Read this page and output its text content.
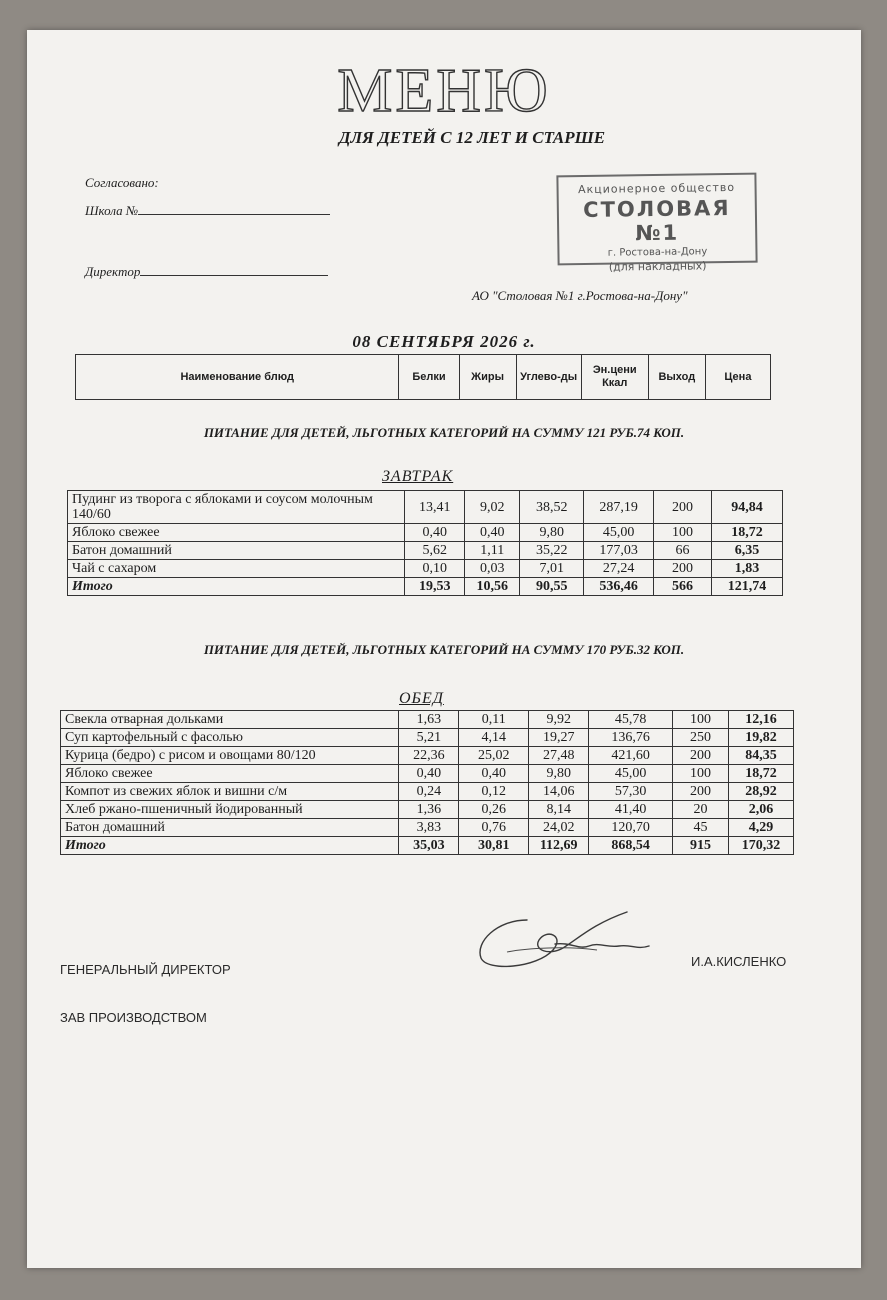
МЕНЮ
ДЛЯ ДЕТЕЙ С 12 ЛЕТ И СТАРШЕ
Согласовано:
Школа №
Директор
Акционерное общество
СТОЛОВАЯ №1
г. Ростова-на-Дону
(для накладных)
АО "Столовая №1 г.Ростова-на-Дону"
08 СЕНТЯБРЯ 2026 г.
Наименование блюд	Белки	Жиры	Углево-ды	Эн.цени Ккал	Выход	Цена
ПИТАНИЕ ДЛЯ ДЕТЕЙ, ЛЬГОТНЫХ КАТЕГОРИЙ НА СУММУ 121 РУБ.74 КОП.
ЗАВТРАК
Пудинг из творога с яблоками и соусом молочным 140/60	13,41	9,02	38,52	287,19	200	94,84
Яблоко свежее	0,40	0,40	9,80	45,00	100	18,72
Батон домашний	5,62	1,11	35,22	177,03	66	6,35
Чай с сахаром	0,10	0,03	7,01	27,24	200	1,83
Итого	19,53	10,56	90,55	536,46	566	121,74
ПИТАНИЕ ДЛЯ ДЕТЕЙ, ЛЬГОТНЫХ КАТЕГОРИЙ НА СУММУ 170 РУБ.32 КОП.
ОБЕД
Свекла отварная дольками	1,63	0,11	9,92	45,78	100	12,16
Суп картофельный с фасолью	5,21	4,14	19,27	136,76	250	19,82
Курица (бедро) с рисом и овощами 80/120	22,36	25,02	27,48	421,60	200	84,35
Яблоко свежее	0,40	0,40	9,80	45,00	100	18,72
Компот из свежих яблок и вишни с/м	0,24	0,12	14,06	57,30	200	28,92
Хлеб ржано-пшеничный йодированный	1,36	0,26	8,14	41,40	20	2,06
Батон домашний	3,83	0,76	24,02	120,70	45	4,29
Итого	35,03	30,81	112,69	868,54	915	170,32
ГЕНЕРАЛЬНЫЙ ДИРЕКТОР
И.А.КИСЛЕНКО
ЗАВ ПРОИЗВОДСТВОМ
